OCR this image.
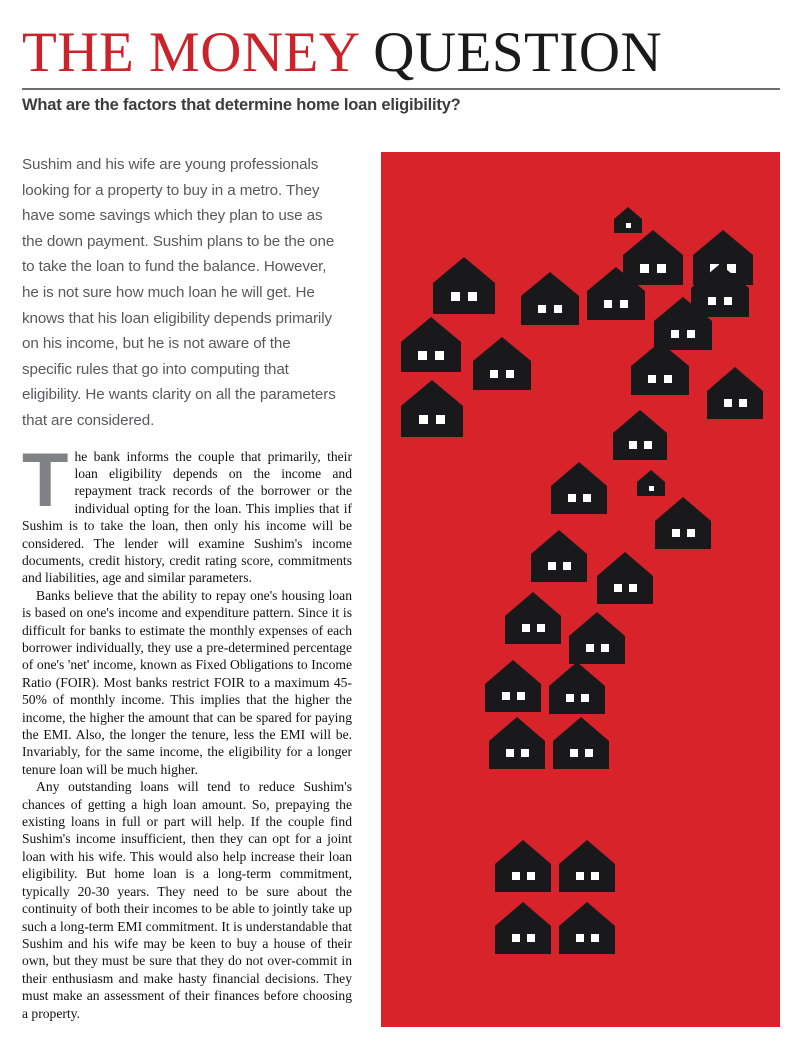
THE MONEY QUESTION
What are the factors that determine home loan eligibility?

Sushim and his wife are young professionals looking for a property to buy in a metro. They have some savings which they plan to use as the down payment. Sushim plans to be the one to take the loan to fund the balance. However, he is not sure how much loan he will get. He knows that his loan eligibility depends primarily on his income, but he is not aware of the specific rules that go into computing that eligibility. He wants clarity on all the parameters that are considered.

T he bank informs the couple that primarily, their loan eligibility depends on the income and repayment track records of the borrower or the individual opting for the loan. This implies that if Sushim is to take the loan, then only his income will be considered. The lender will examine Sushim's income documents, credit history, credit rating score, commitments and liabilities, age and similar parameters.

Banks believe that the ability to repay one's housing loan is based on one's income and expenditure pattern. Since it is difficult for banks to estimate the monthly expenses of each borrower individually, they use a pre-determined percentage of one's 'net' income, known as Fixed Obligations to Income Ratio (FOIR). Most banks restrict FOIR to a maximum 45-50% of monthly income. This implies that the higher the income, the higher the amount that can be spared for paying the EMI. Also, the longer the tenure, less the EMI will be. Invariably, for the same income, the eligibility for a longer tenure loan will be much higher.

Any outstanding loans will tend to reduce Sushim's chances of getting a high loan amount. So, prepaying the existing loans in full or part will help. If the couple find Sushim's income insufficient, then they can opt for a joint loan with his wife. This would also help increase their loan eligibility. But home loan is a long-term commitment, typically 20-30 years. They need to be sure about the continuity of both their incomes to be able to jointly take up such a long-term EMI commitment. It is understandable that Sushim and his wife may be keen to buy a house of their own, but they must be sure that they do not over-commit in their enthusiasm and make hasty financial decisions. They must make an assessment of their finances before choosing a property.
